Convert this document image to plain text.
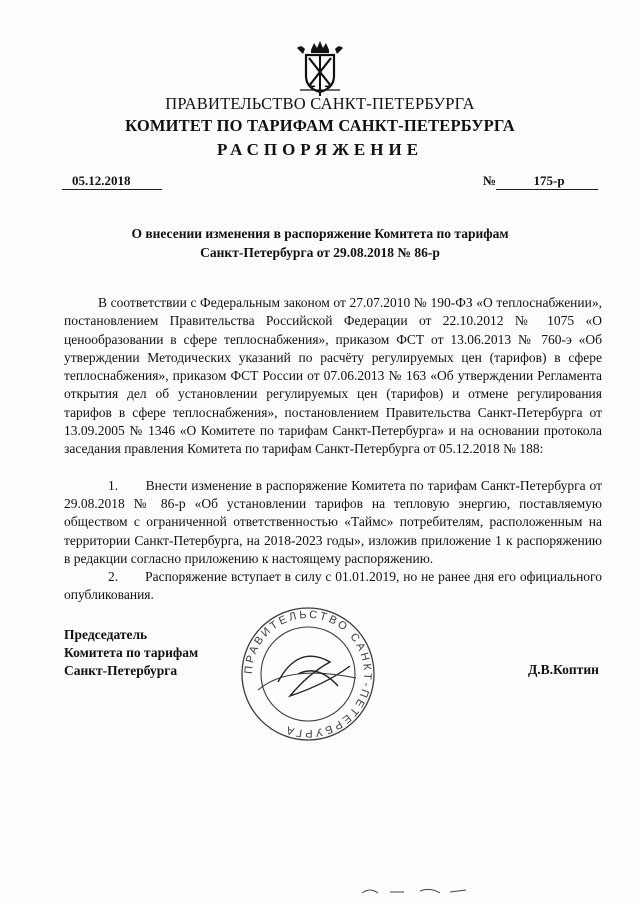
ПРАВИТЕЛЬСТВО САНКТ-ПЕТЕРБУРГА
КОМИТЕТ ПО ТАРИФАМ САНКТ-ПЕТЕРБУРГА
РАСПОРЯЖЕНИЕ
05.12.2018	№	175-р
О внесении изменения в распоряжение Комитета по тарифам
Санкт-Петербурга от 29.08.2018 № 86-р

В соответствии с Федеральным законом от 27.07.2010 № 190-ФЗ «О теплоснабжении», постановлением Правительства Российской Федерации от 22.10.2012 № 1075 «О ценообразовании в сфере теплоснабжения», приказом ФСТ от 13.06.2013 № 760-э «Об утверждении Методических указаний по расчёту регулируемых цен (тарифов) в сфере теплоснабжения», приказом ФСТ России от 07.06.2013 № 163 «Об утверждении Регламента открытия дел об установлении регулируемых цен (тарифов) и отмене регулирования тарифов в сфере теплоснабжения», постановлением Правительства Санкт-Петербурга от 13.09.2005 № 1346 «О Комитете по тарифам Санкт-Петербурга» и на основании протокола заседания правления Комитета по тарифам Санкт-Петербурга от 05.12.2018 № 188:

1.       Внести изменение в распоряжение Комитета по тарифам Санкт-Петербурга от 29.08.2018 № 86-р «Об установлении тарифов на тепловую энергию, поставляемую обществом с ограниченной ответственностью «Таймс» потребителям, расположенным на территории Санкт-Петербурга, на 2018-2023 годы», изложив приложение 1 к распоряжению в редакции согласно приложению к настоящему распоряжению.

2.       Распоряжение вступает в силу с 01.01.2019, но не ранее дня его официального опубликования.

ПРАВИТЕЛЬСТВО САНКТ-ПЕТЕРБУРГА
Председатель
Комитета по тарифам
Санкт-Петербурга	Д.В.Коптин
